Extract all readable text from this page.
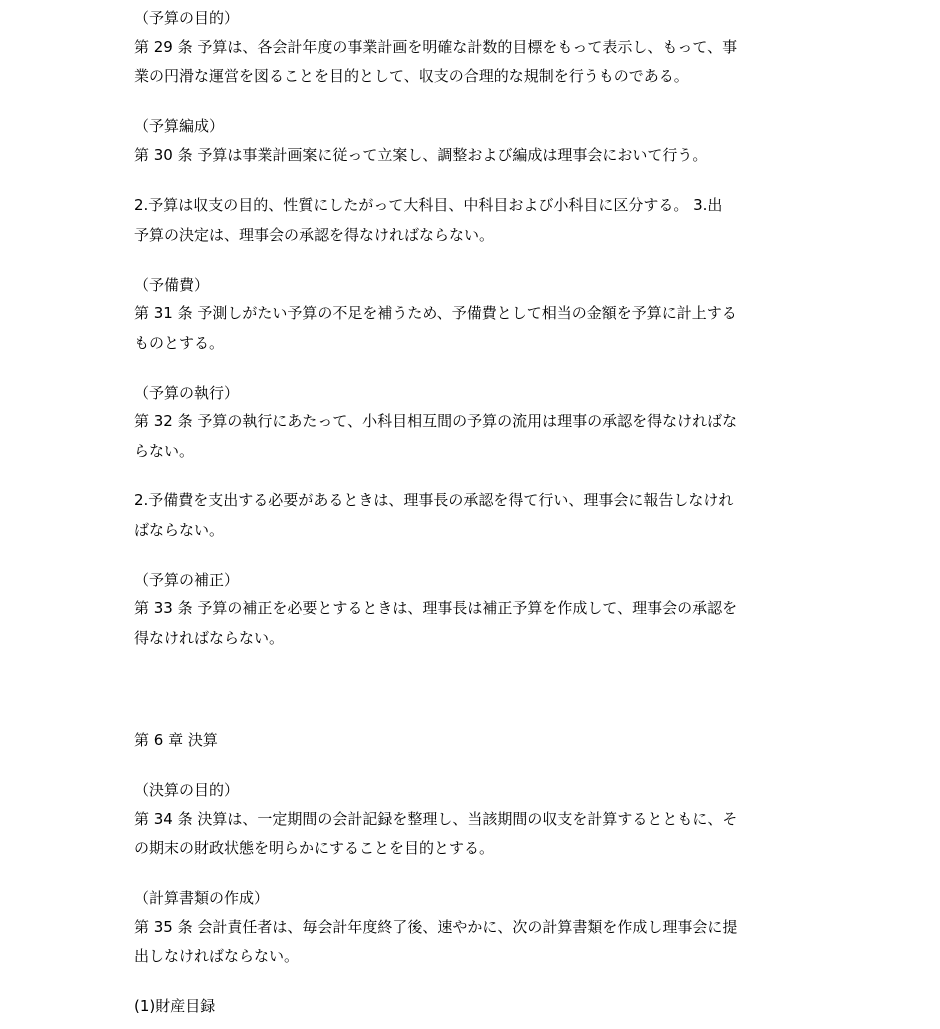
（予算の目的）
第 29 条 予算は、各会計年度の事業計画を明確な計数的目標をもって表示し、もって、事
業の円滑な運営を図ることを目的として、収支の合理的な規制を行うものである。
（予算編成）
第 30 条 予算は事業計画案に従って立案し、調整および編成は理事会において行う。
2.予算は収支の目的、性質にしたがって大科目、中科目および小科目に区分する。 3.出
予算の決定は、理事会の承認を得なければならない。
（予備費）
第 31 条 予測しがたい予算の不足を補うため、予備費として相当の金額を予算に計上する
ものとする。
（予算の執行）
第 32 条 予算の執行にあたって、小科目相互間の予算の流用は理事の承認を得なければな
らない。
2.予備費を支出する必要があるときは、理事長の承認を得て行い、理事会に報告しなけれ
ばならない。
（予算の補正）
第 33 条 予算の補正を必要とするときは、理事長は補正予算を作成して、理事会の承認を
得なければならない。
第 6 章 決算
（決算の目的）
第 34 条 決算は、一定期間の会計記録を整理し、当該期間の収支を計算するとともに、そ
の期末の財政状態を明らかにすることを目的とする。
（計算書類の作成）
第 35 条 会計責任者は、毎会計年度終了後、速やかに、次の計算書類を作成し理事会に提
出しなければならない。
(1)財産目録
